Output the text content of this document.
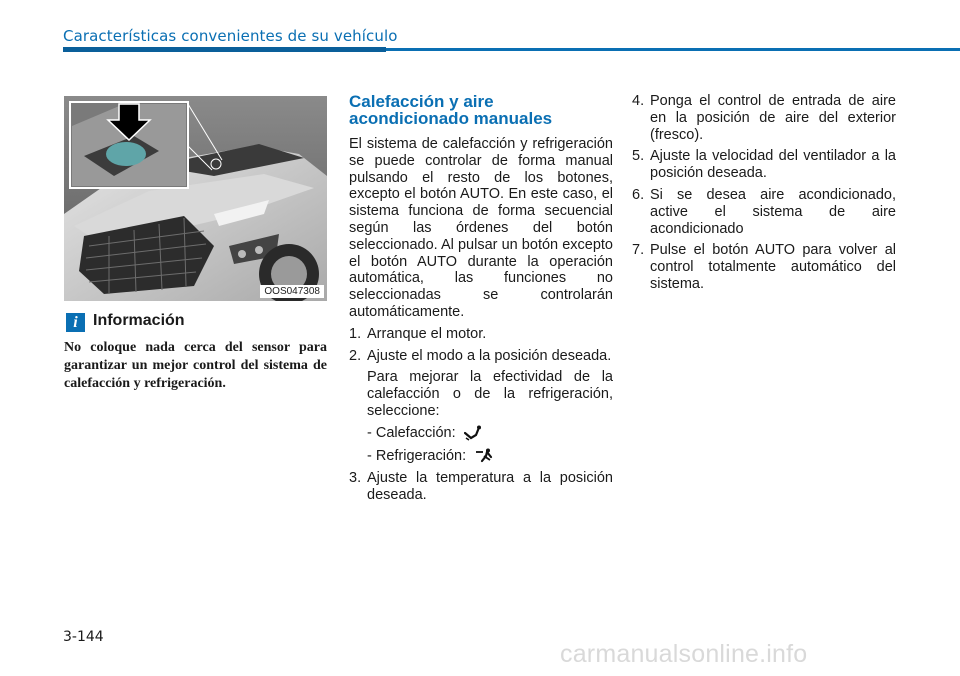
Características convenientes de su vehículo
OOS047308
i Información
No coloque nada cerca del sensor para garantizar un mejor control del sistema de calefacción y refrigeración.
Calefacción y aire acondicionado manuales
El sistema de calefacción y refrigeración se puede controlar de forma manual pulsando el resto de los botones, excepto el botón AUTO. En este caso, el sistema funciona de forma secuencial según las órdenes del botón seleccionado. Al pulsar un botón excepto el botón AUTO durante la operación automática, las funciones no seleccionadas se controlarán automáticamente.
1. Arranque el motor.
2. Ajuste el modo a la posición deseada.
Para mejorar la efectividad de la calefacción o de la refrigeración, seleccione:
- Calefacción:
- Refrigeración:
3. Ajuste la temperatura a la posición deseada.
4. Ponga el control de entrada de aire en la posición de aire del exterior (fresco).
5. Ajuste la velocidad del ventilador a la posición deseada.
6. Si se desea aire acondicionado, active el sistema de aire acondicionado
7. Pulse el botón AUTO para volver al control totalmente automático del sistema.
3-144
carmanualsonline.info
